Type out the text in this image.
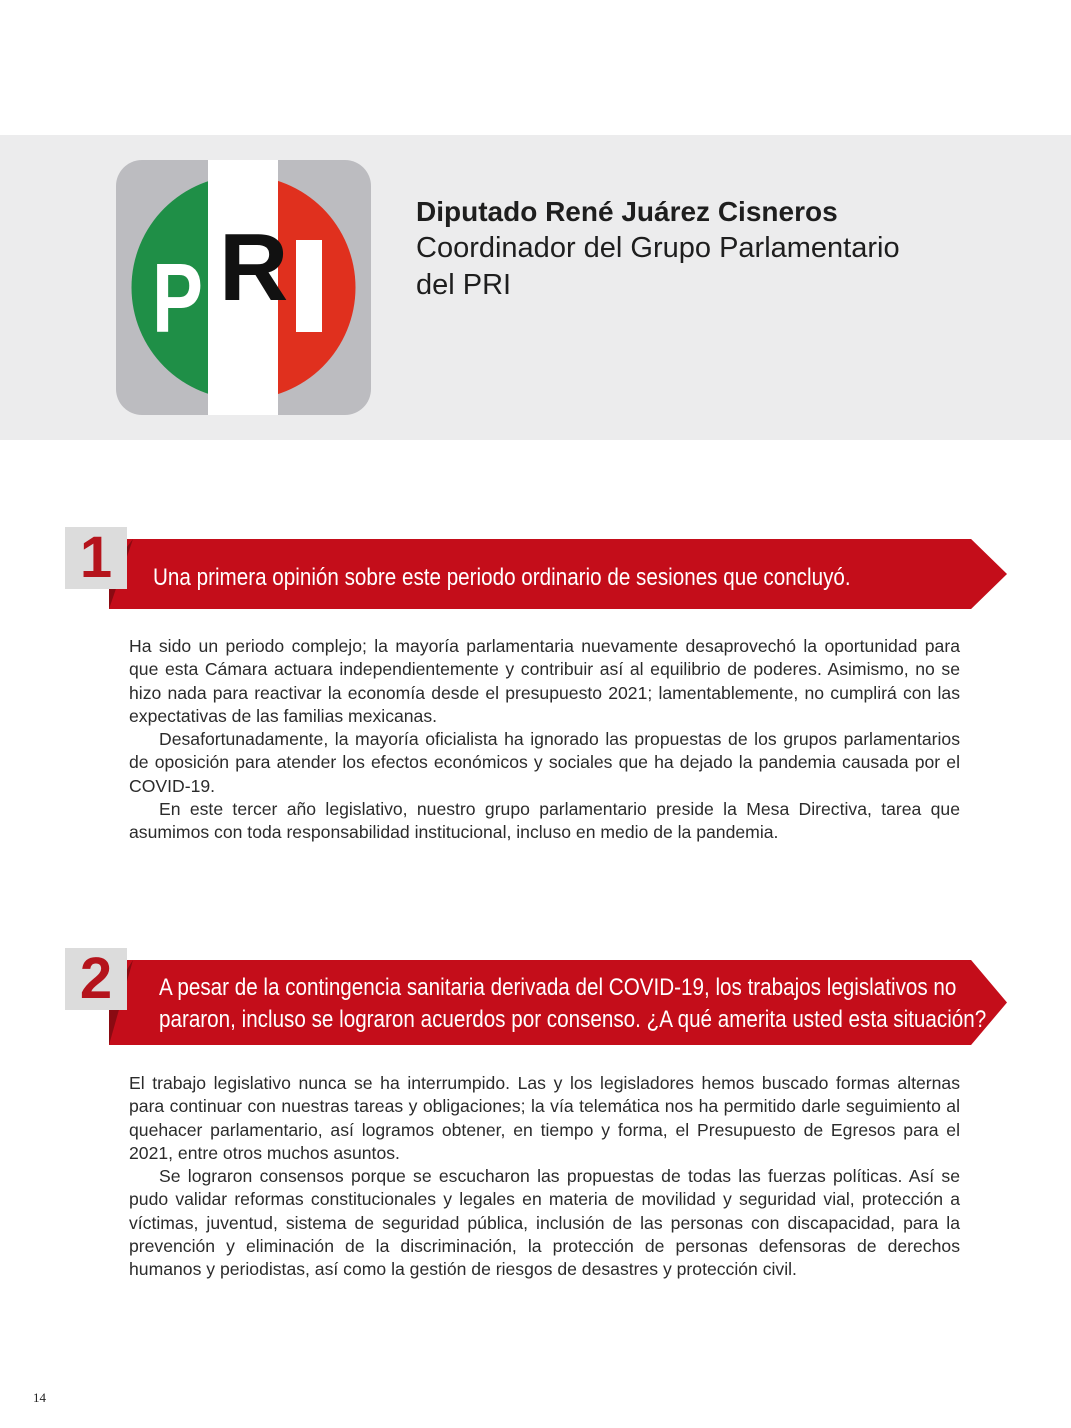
P R
Diputado René Juárez Cisneros
Coordinador del Grupo Parlamentario
del PRI
1	Una primera opinión sobre este periodo ordinario de sesiones que concluyó.

Ha sido un periodo complejo; la mayoría parlamentaria nuevamente desaprovechó la oportunidad para que esta Cámara actuara independientemente y contribuir así al equilibrio de poderes. Asimismo, no se hizo nada para reactivar la economía desde el presupuesto 2021; lamentablemente, no cumplirá con las expectativas de las familias mexicanas.

Desafortunadamente, la mayoría oficialista ha ignorado las propuestas de los grupos parlamentarios de oposición para atender los efectos económicos y sociales que ha dejado la pandemia causada por el COVID-19.

En este tercer año legislativo, nuestro grupo parlamentario preside la Mesa Directiva, tarea que asumimos con toda responsabilidad institucional, incluso en medio de la pandemia.

2	A pesar de la contingencia sanitaria derivada del COVID-19, los trabajos legislativos no
pararon, incluso se lograron acuerdos por consenso. ¿A qué amerita usted esta situación?

El trabajo legislativo nunca se ha interrumpido. Las y los legisladores hemos buscado formas alternas para continuar con nuestras tareas y obligaciones; la vía telemática nos ha permitido darle seguimiento al quehacer parlamentario, así logramos obtener, en tiempo y forma, el Presupuesto de Egresos para el 2021, entre otros muchos asuntos.

Se lograron consensos porque se escucharon las propuestas de todas las fuerzas políticas. Así se pudo validar reformas constitucionales y legales en materia de movilidad y seguridad vial, protección a víctimas, juventud, sistema de seguridad pública, inclusión de las personas con discapacidad, para la prevención y eliminación de la discriminación, la protección de personas defensoras de derechos humanos y periodistas, así como la gestión de riesgos de desastres y protección civil.

14
